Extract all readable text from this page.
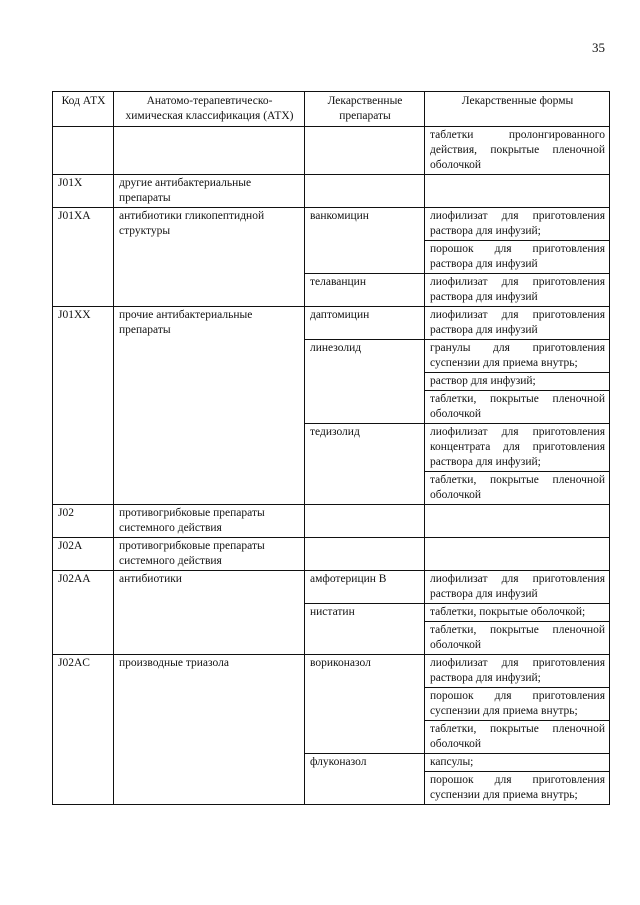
35
Код АТХ	Анатомо-терапевтическо-химическая классификация (АТХ)	Лекарственные препараты	Лекарственные формы
			таблетки пролонгированного действия, покрытые пленочной оболочкой
J01X	другие антибактериальные препараты		
J01XA	антибиотики гликопептидной структуры	ванкомицин	лиофилизат для приготовления раствора для инфузий;
			порошок для приготовления раствора для инфузий
		телаванцин	лиофилизат для приготовления раствора для инфузий
J01XX	прочие антибактериальные препараты	даптомицин	лиофилизат для приготовления раствора для инфузий
		линезолид	гранулы для приготовления суспензии для приема внутрь;
			раствор для инфузий;
			таблетки, покрытые пленочной оболочкой
		тедизолид	лиофилизат для приготовления концентрата для приготовления раствора для инфузий;
			таблетки, покрытые пленочной оболочкой
J02	противогрибковые препараты системного действия		
J02A	противогрибковые препараты системного действия		
J02AA	антибиотики	амфотерицин В	лиофилизат для приготовления раствора для инфузий
		нистатин	таблетки, покрытые оболочкой;
			таблетки, покрытые пленочной оболочкой
J02AC	производные триазола	вориконазол	лиофилизат для приготовления раствора для инфузий;
			порошок для приготовления суспензии для приема внутрь;
			таблетки, покрытые пленочной оболочкой
		флуконазол	капсулы;
			порошок для приготовления суспензии для приема внутрь;
